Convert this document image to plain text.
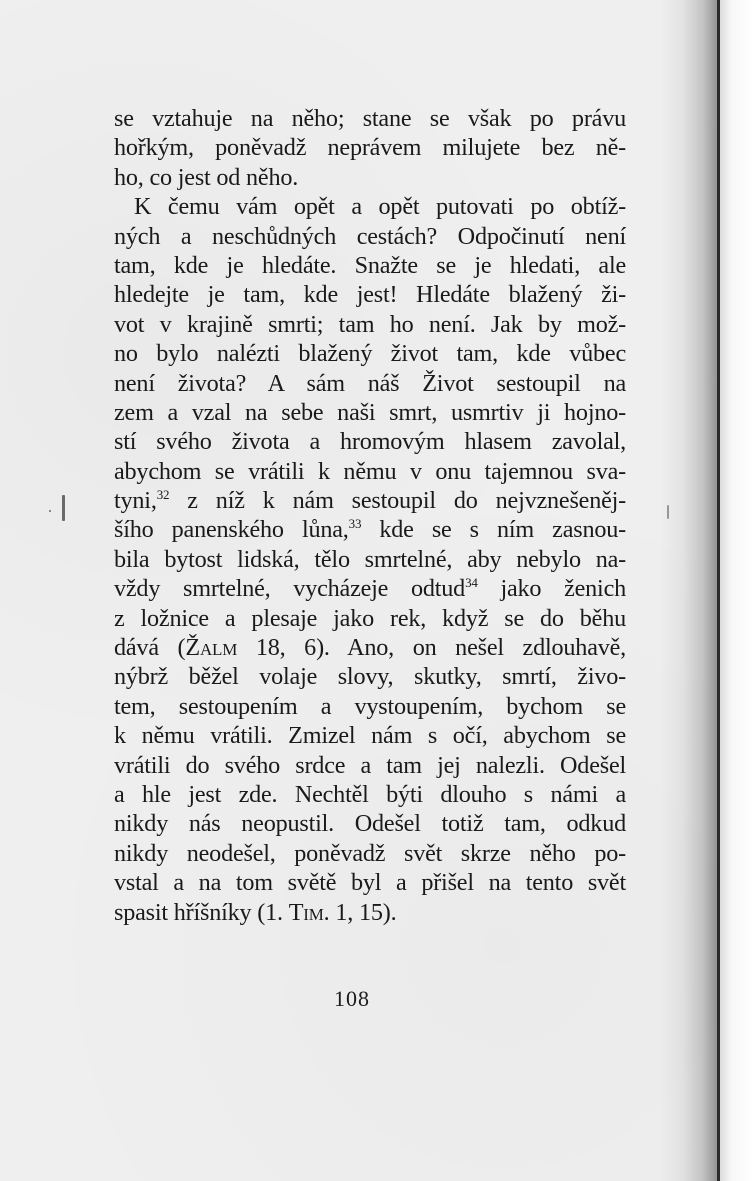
se vztahuje na něho; stane se však po právu
hořkým, poněvadž neprávem milujete bez ně-
ho, co jest od něho.
K čemu vám opět a opět putovati po obtíž-
ných a neschůdných cestách? Odpočinutí není
tam, kde je hledáte. Snažte se je hledati, ale
hledejte je tam, kde jest! Hledáte blažený ži-
vot v krajině smrti; tam ho není. Jak by mož-
no bylo nalézti blažený život tam, kde vůbec
není života? A sám náš Život sestoupil na
zem a vzal na sebe naši smrt, usmrtiv ji hojno-
stí svého života a hromovým hlasem zavolal,
abychom se vrátili k němu v onu tajemnou sva-
tyni,$^{32}$ z níž k nám sestoupil do nejvznešeněj-
šího panenského lůna,$^{33}$ kde se s ním zasnou-
bila bytost lidská, tělo smrtelné, aby nebylo na-
vždy smrtelné, vycházeje odtud$^{34}$ jako ženich
z ložnice a plesaje jako rek, když se do běhu
dává (Žalm 18, 6). Ano, on nešel zdlouhavě,
nýbrž běžel volaje slovy, skutky, smrtí, živo-
tem, sestoupením a vystoupením, bychom se
k němu vrátili. Zmizel nám s očí, abychom se
vrátili do svého srdce a tam jej nalezli. Odešel
a hle jest zde. Nechtěl býti dlouho s námi a
nikdy nás neopustil. Odešel totiž tam, odkud
nikdy neodešel, poněvadž svět skrze něho po-
vstal a na tom světě byl a přišel na tento svět
spasit hříšníky (1. Tim. 1, 15).
108
